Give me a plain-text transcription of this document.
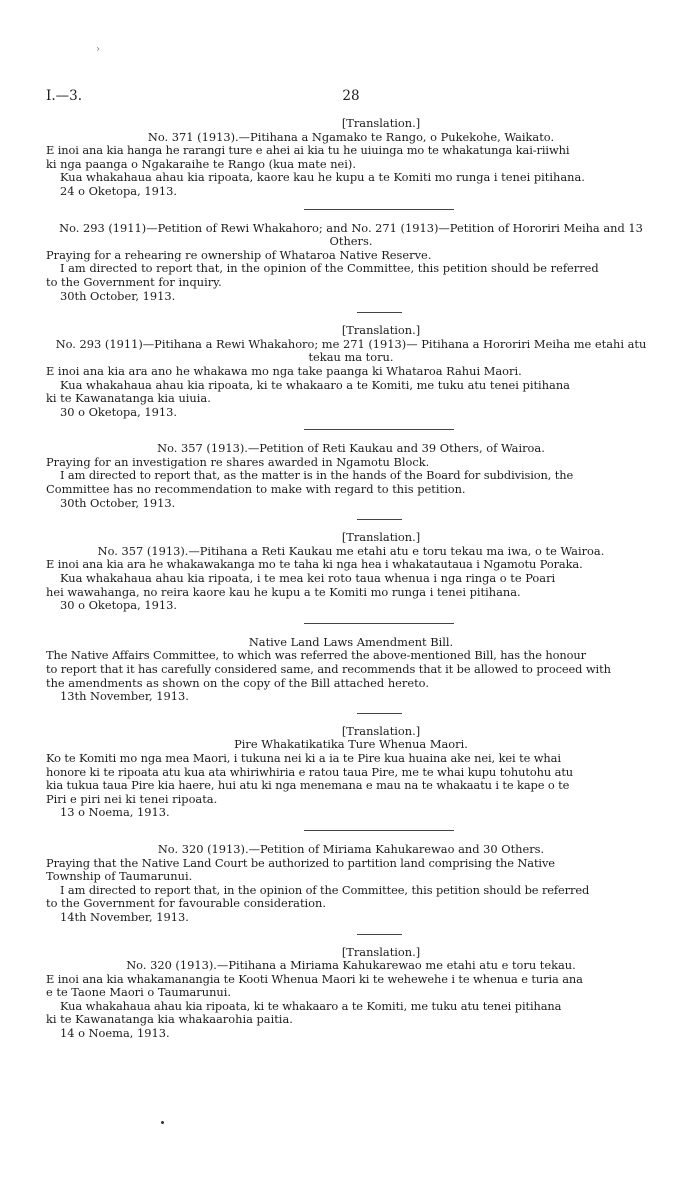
›
I.—3.	28

[Translation.]

No. 371 (1913).—Pitihana a Ngamako te Rango, o Pukekohe, Waikato.

E inoi ana kia hanga he rarangi ture e ahei ai kia tu he uiuinga mo te whakatunga kai-riiwhi

ki nga paanga o Ngakaraihe te Rango (kua mate nei).

Kua whakahaua ahau kia ripoata, kaore kau he kupu a te Komiti mo runga i tenei pitihana.

24 o Oketopa, 1913.

No. 293 (1911)—Petition of Rewi Whakahoro; and No. 271 (1913)—Petition of Hororiri Meiha and 13 Others.

Praying for a rehearing re ownership of Whataroa Native Reserve.

I am directed to report that, in the opinion of the Committee, this petition should be referred

to the Government for inquiry.

30th October, 1913.

[Translation.]

No. 293 (1911)—Pitihana a Rewi Whakahoro; me 271 (1913)— Pitihana a Hororiri Meiha me etahi atu tekau ma toru.

E inoi ana kia ara ano he whakawa mo nga take paanga ki Whataroa Rahui Maori.

Kua whakahaua ahau kia ripoata, ki te whakaaro a te Komiti, me tuku atu tenei pitihana

ki te Kawanatanga kia uiuia.

30 o Oketopa, 1913.

No. 357 (1913).—Petition of Reti Kaukau and 39 Others, of Wairoa.

Praying for an investigation re shares awarded in Ngamotu Block.

I am directed to report that, as the matter is in the hands of the Board for subdivision, the

Committee has no recommendation to make with regard to this petition.

30th October, 1913.

[Translation.]

No. 357 (1913).—Pitihana a Reti Kaukau me etahi atu e toru tekau ma iwa, o te Wairoa.

E inoi ana kia ara he whakawakanga mo te taha ki nga hea i whakatautaua i Ngamotu Poraka.

Kua whakahaua ahau kia ripoata, i te mea kei roto taua whenua i nga ringa o te Poari

hei wawahanga, no reira kaore kau he kupu a te Komiti mo runga i tenei pitihana.

30 o Oketopa, 1913.

Native Land Laws Amendment Bill.

The Native Affairs Committee, to which was referred the above-mentioned Bill, has the honour

to report that it has carefully considered same, and recommends that it be allowed to proceed with

the amendments as shown on the copy of the Bill attached hereto.

13th November, 1913.

[Translation.]

Pire Whakatikatika Ture Whenua Maori.

Ko te Komiti mo nga mea Maori, i tukuna nei ki a ia te Pire kua huaina ake nei, kei te whai

honore ki te ripoata atu kua ata whiriwhiria e ratou taua Pire, me te whai kupu tohutohu atu

kia tukua taua Pire kia haere, hui atu ki nga menemana e mau na te whakaatu i te kape o te

Piri e piri nei ki tenei ripoata.

13 o Noema, 1913.

No. 320 (1913).—Petition of Miriama Kahukarewao and 30 Others.

Praying that the Native Land Court be authorized to partition land comprising the Native

Township of Taumarunui.

I am directed to report that, in the opinion of the Committee, this petition should be referred

to the Government for favourable consideration.

14th November, 1913.

[Translation.]

No. 320 (1913).—Pitihana a Miriama Kahukarewao me etahi atu e toru tekau.

E inoi ana kia whakamanangia te Kooti Whenua Maori ki te wehewehe i te whenua e turia ana

e te Taone Maori o Taumarunui.

Kua whakahaua ahau kia ripoata, ki te whakaaro a te Komiti, me tuku atu tenei pitihana

ki te Kawanatanga kia whakaarohia paitia.

14 o Noema, 1913.
